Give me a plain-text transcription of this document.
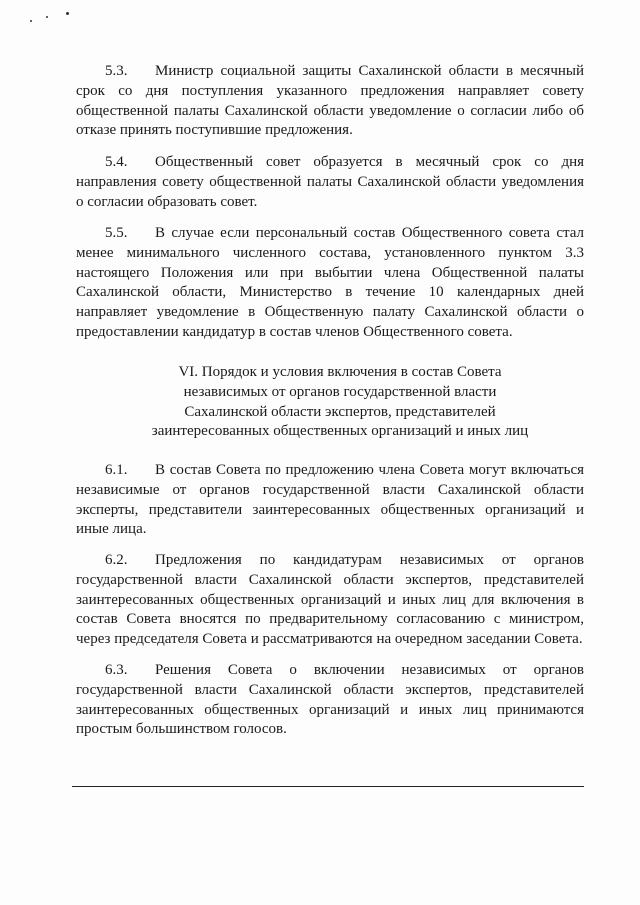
5.3. Министр социальной защиты Сахалинской области в месячный срок со дня поступления указанного предложения направляет совету общественной палаты Сахалинской области уведомление о согласии либо об отказе принять поступившие предложения.

5.4. Общественный совет образуется в месячный срок со дня направления совету общественной палаты Сахалинской области уведомления о согласии образовать совет.

5.5. В случае если персональный состав Общественного совета стал менее минимального численного состава, установленного пунктом 3.3 настоящего Положения или при выбытии члена Общественной палаты Сахалинской области, Министерство в течение 10 календарных дней направляет уведомление в Общественную палату Сахалинской области о предоставлении кандидатур в состав членов Общественного совета.

VI. Порядок и условия включения в состав Совета
независимых от органов государственной власти
Сахалинской области экспертов, представителей
заинтересованных общественных организаций и иных лиц

6.1. В состав Совета по предложению члена Совета могут включаться независимые от органов государственной власти Сахалинской области эксперты, представители заинтересованных общественных организаций и иные лица.

6.2. Предложения по кандидатурам независимых от органов государственной власти Сахалинской области экспертов, представителей заинтересованных общественных организаций и иных лиц для включения в состав Совета вносятся по предварительному согласованию с министром, через председателя Совета и рассматриваются на очередном заседании Совета.

6.3. Решения Совета о включении независимых от органов государственной власти Сахалинской области экспертов, представителей заинтересованных общественных организаций и иных лиц принимаются простым большинством голосов.
